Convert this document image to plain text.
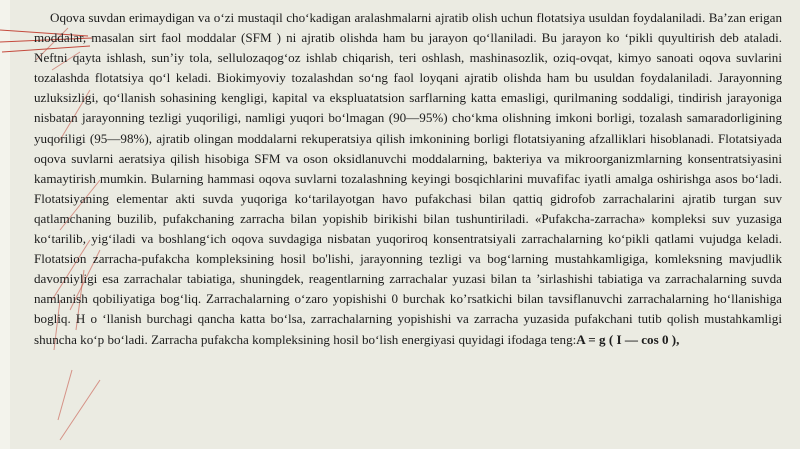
Oqova suvdan erimaydigan va o‘zi mustaqil cho‘kadigan aralashmalarni ajratib olish uchun flotatsiya usuldan foydalaniladi. Ba’zan erigan moddalar, masalan sirt faol moddalar (SFM ) ni ajratib olishda ham bu jarayon qo‘llaniladi. Bu jarayon ko ‘pikli quyultirish deb ataladi. Neftni qayta ishlash, sun’iy tola, sellulozaqog‘oz ishlab chiqarish, teri oshlash, mashinasozlik, oziq-ovqat, kimyo sanoati oqova suvlarini tozalashda flotatsiya qo‘l keladi. Biokimyoviy tozalashdan so‘ng faol loyqani ajratib olishda ham bu usuldan foydalaniladi. Jarayonning uzluksizligi, qo‘llanish sohasining kengligi, kapital va ekspluatatsion sarflarning katta emasligi, qurilmaning soddaligi, tindirish jarayoniga nisbatan jarayonning tezligi yuqoriligi, namligi yuqori bo‘lmagan (90—95%) cho‘kma olishning imkoni borligi, tozalash samaradorligining yuqoriligi (95—98%), ajratib olingan moddalarni rekuperatsiya qilish imkonining borligi flotatsiyaning afzalliklari hisoblanadi. Flotatsiyada oqova suvlarni aeratsiya qilish hisobiga SFM va oson oksidlanuvchi moddalarning, bakteriya va mikroorganizmlarning konsentratsiyasini kamaytirish mumkin. Bularning hammasi oqova suvlarni tozalashning keyingi bosqichlarini muvafifac iyatli amalga oshirishga asos bo‘ladi. Flotatsiyaning elementar akti suvda yuqoriga ko‘tarilayotgan havo pufakchasi bilan qattiq gidrofob zarrachalarini ajratib turgan suv qatlamchaning buzilib, pufakchaning zarracha bilan yopishib birikishi bilan tushuntiriladi. «Pufakcha-zarracha» kompleksi suv yuzasiga ko‘tarilib, yig‘iladi va boshlang‘ich oqova suvdagiga nisbatan yuqoriroq konsentratsiyali zarrachalarning ko‘pikli qatlami vujudga keladi. Flotatsion zarracha-pufakcha kompleksining hosil bo'lishi, jarayonning tezligi va bog‘larning mustahkamligiga, komleksning mavjudlik davomiyligi esa zarrachalar tabiatiga, shuningdek, reagentlarning zarrachalar yuzasi bilan ta ’sirlashishi tabiatiga va zarrachalarning suvda namlanish qobiliyatiga bog‘liq. Zarrachalarning o‘zaro yopishishi 0 burchak ko’rsatkichi bilan tavsiflanuvchi zarrachalarning ho‘llanishiga bogliq. H o ‘llanish burchagi qancha katta bo‘lsa, zarrachalarning yopishishi va zarracha yuzasida pufakchani tutib qolish mustahkamligi shuncha ko‘p bo‘ladi. Zarracha pufakcha kompleksining hosil bo‘lish energiyasi quyidagi ifodaga teng:A = g ( I — cos 0 ),
